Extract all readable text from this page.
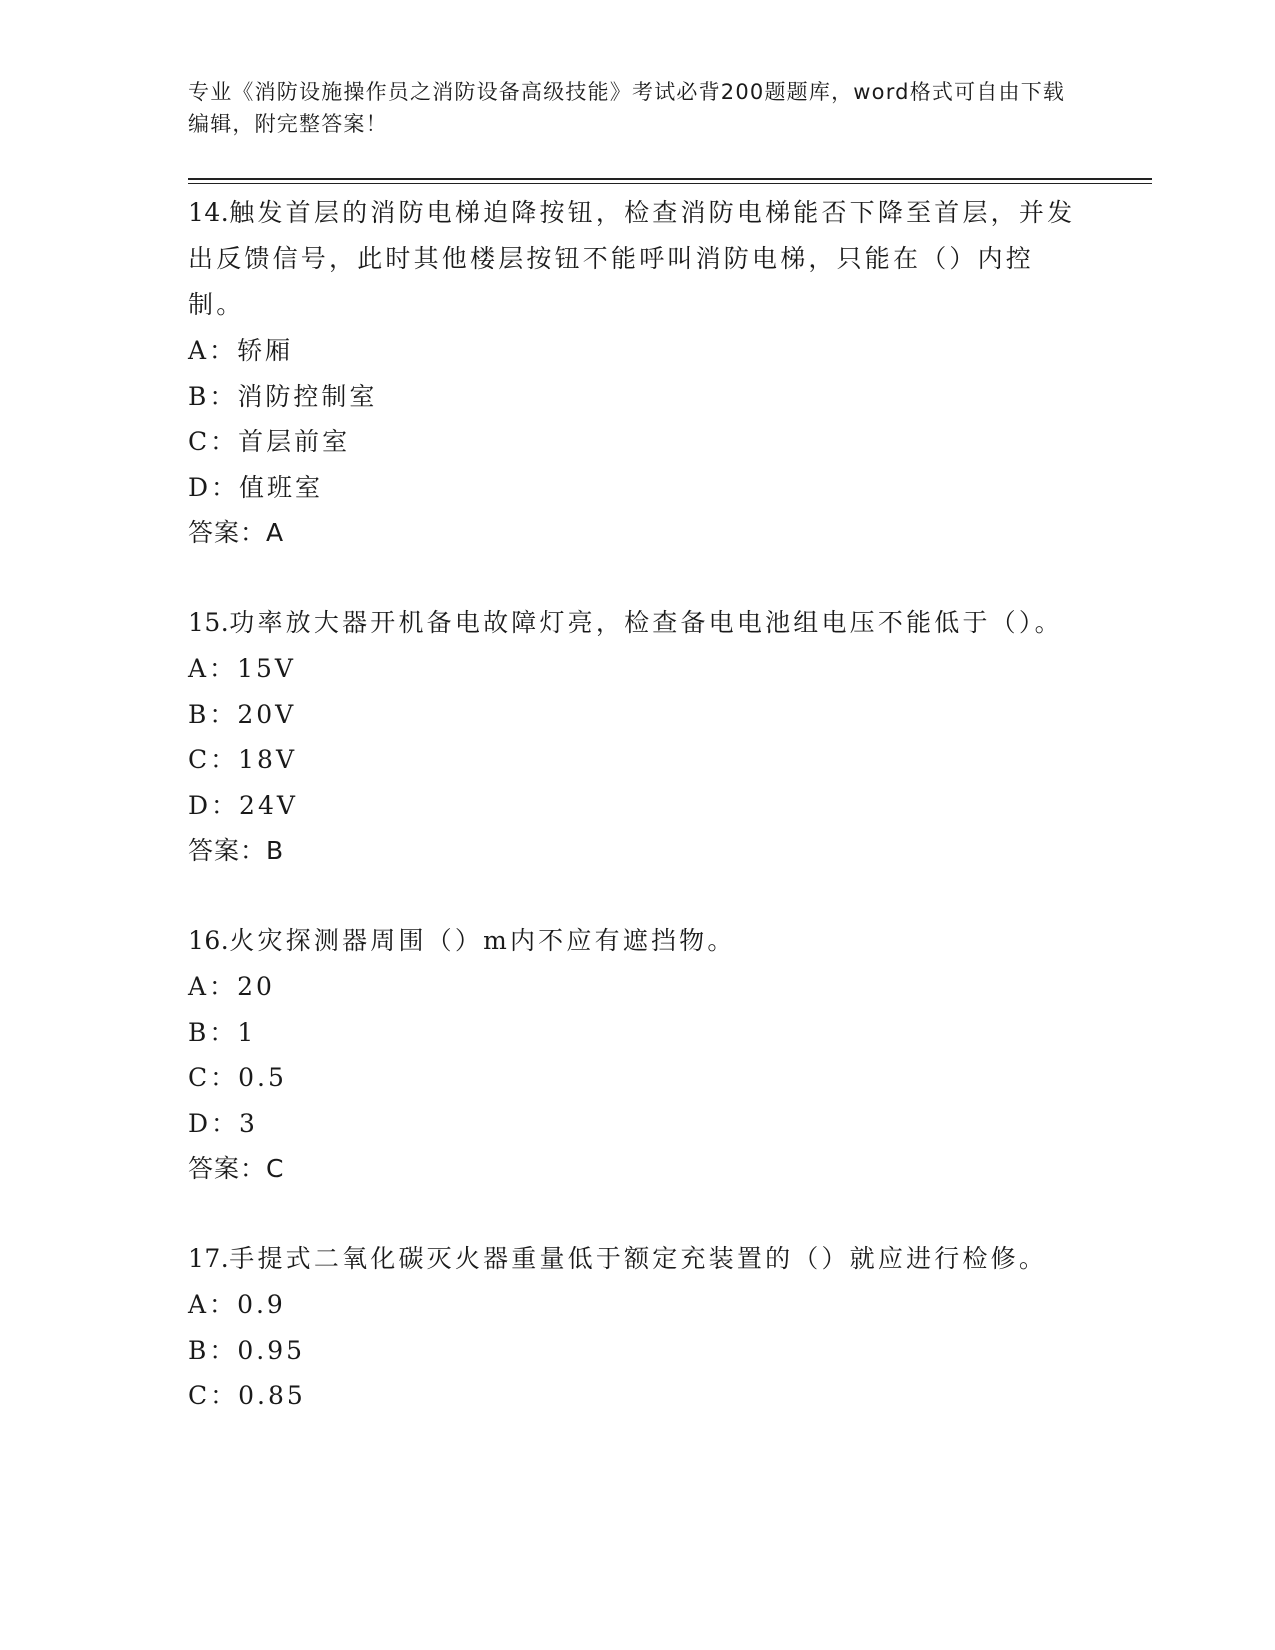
专业《消防设施操作员之消防设备高级技能》考试必背200题题库，word格式可自由下载编辑，附完整答案！

14.触发首层的消防电梯迫降按钮，检查消防电梯能否下降至首层，并发出反馈信号，此时其他楼层按钮不能呼叫消防电梯，只能在（）内控制。

A：轿厢

B：消防控制室

C：首层前室

D：值班室

答案：A

15.功率放大器开机备电故障灯亮，检查备电电池组电压不能低于（）。

A：15V

B：20V

C：18V

D：24V

答案：B

16.火灾探测器周围（）m内不应有遮挡物。

A：20

B：1

C：0.5

D：3

答案：C

17.手提式二氧化碳灭火器重量低于额定充装置的（）就应进行检修。

A：0.9

B：0.95

C：0.85
